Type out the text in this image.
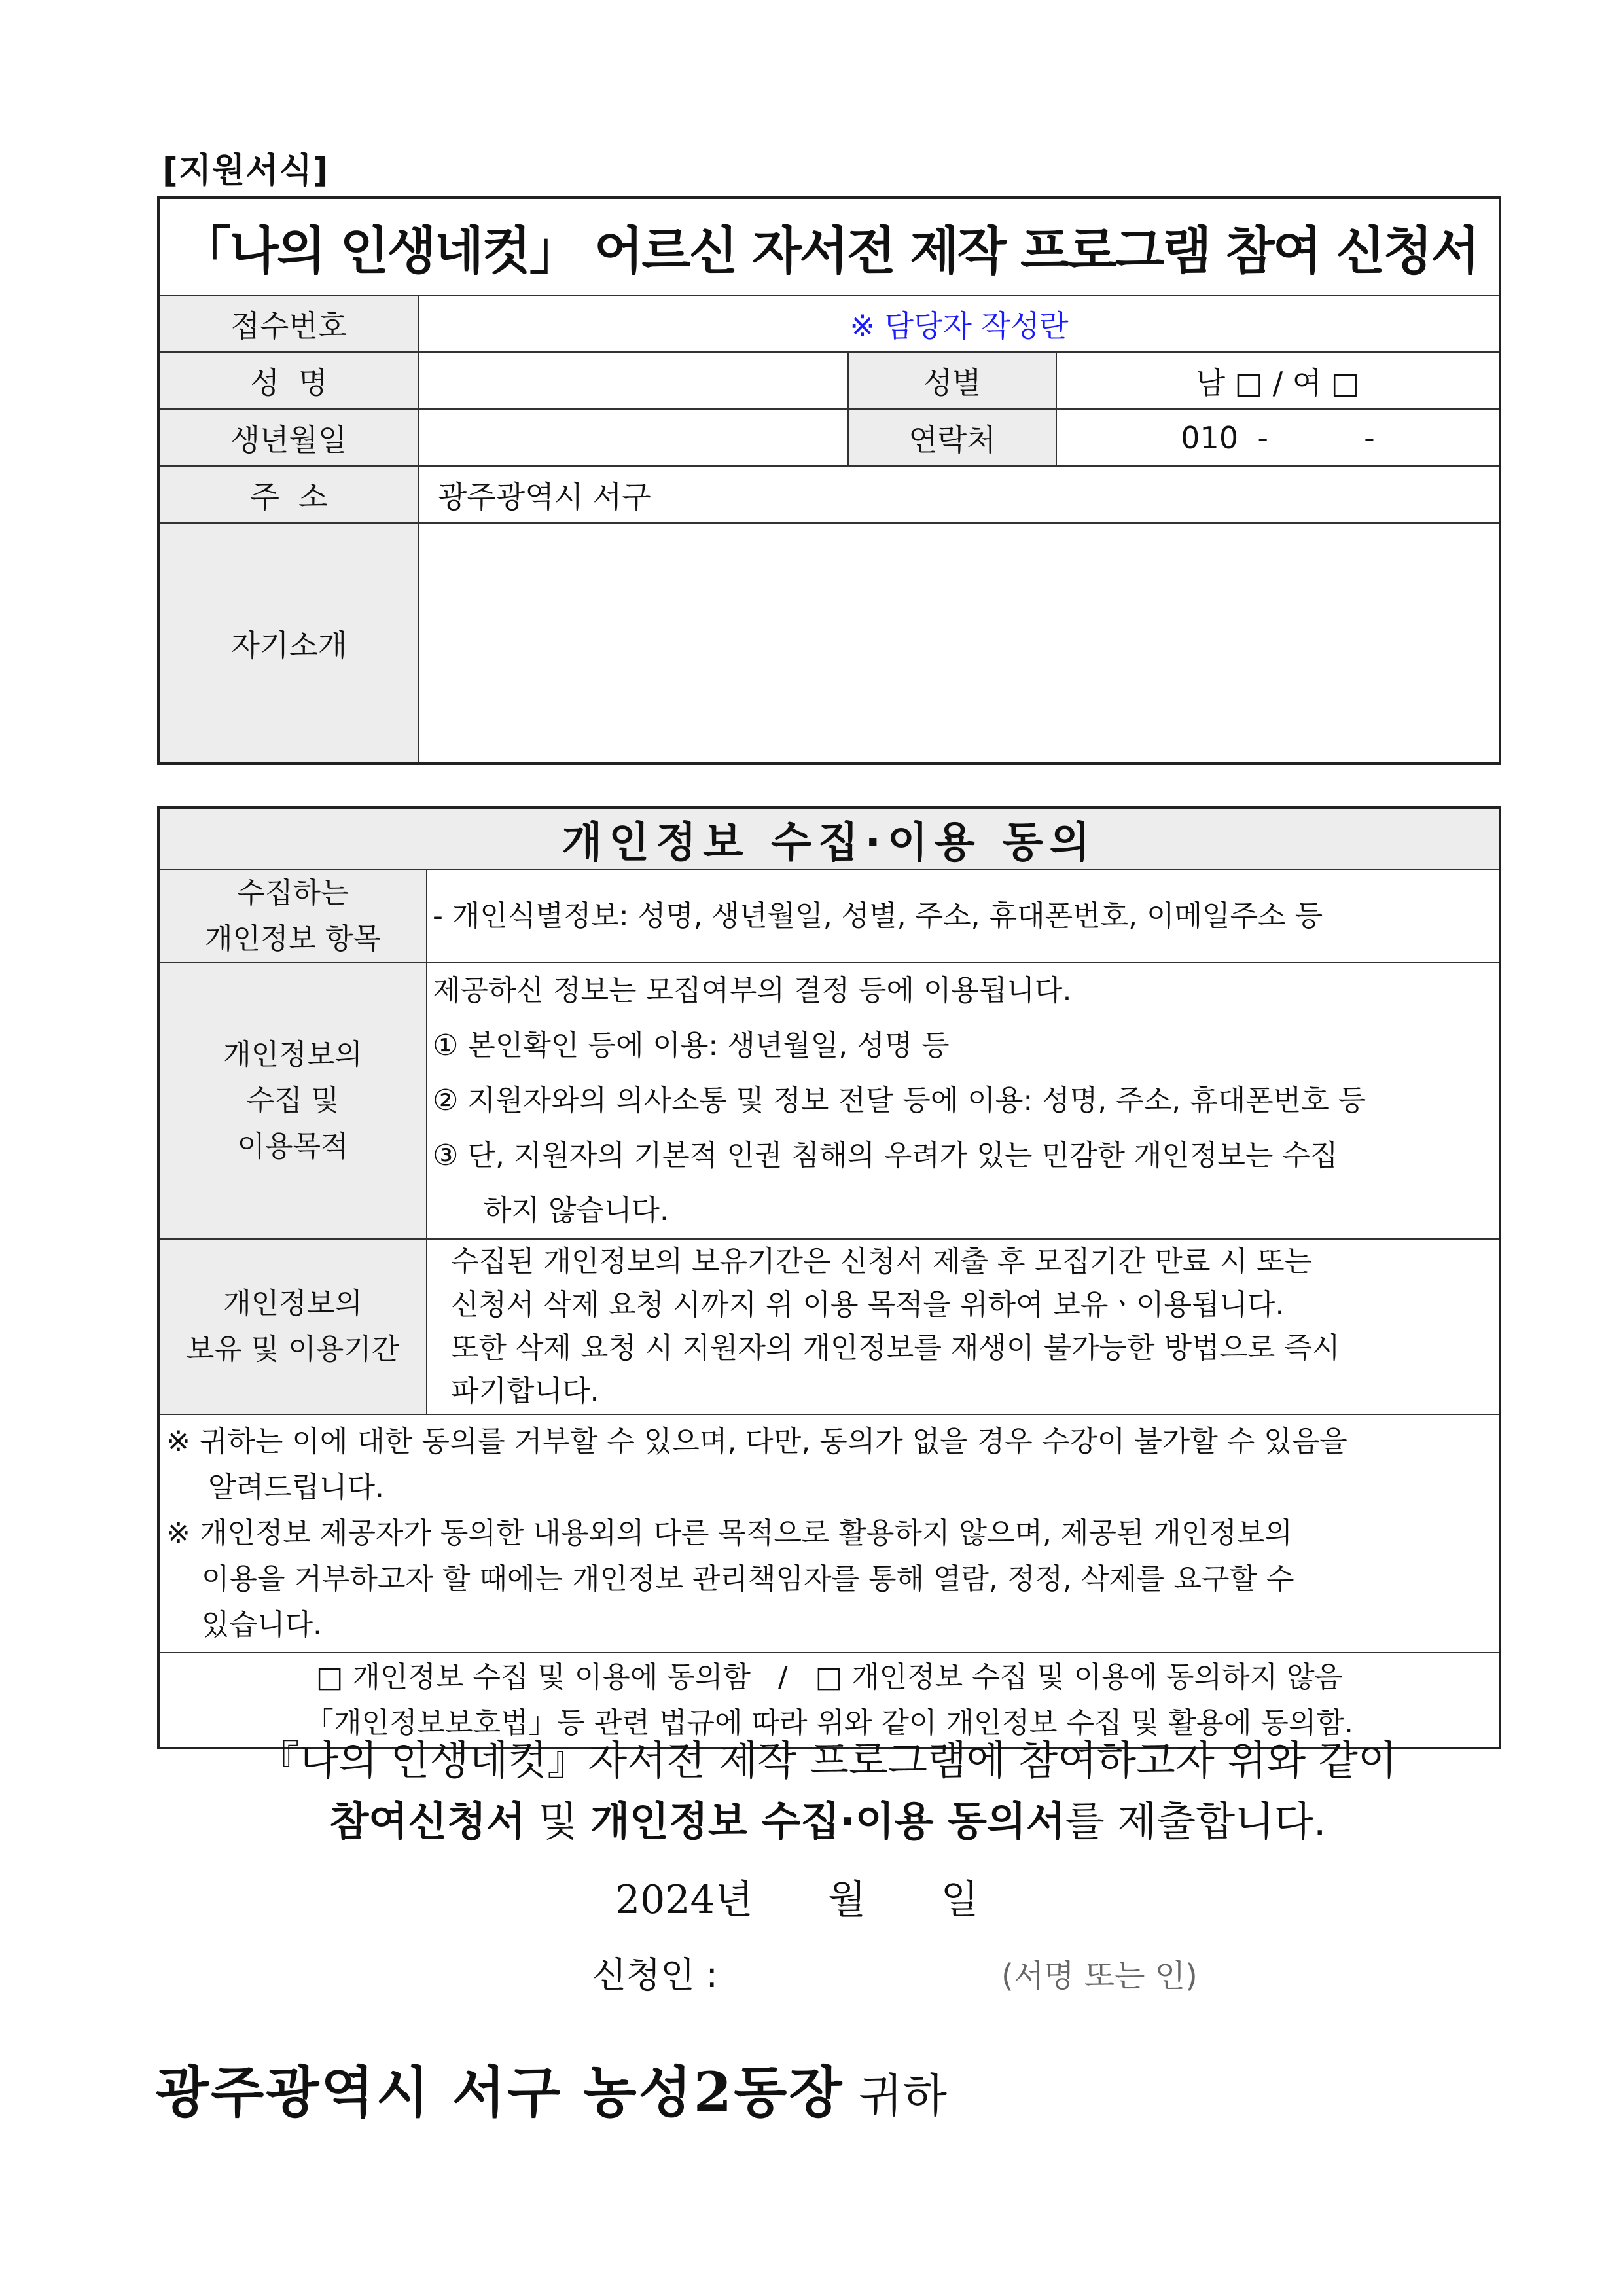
[지원서식]
「나의 인생네컷」 어르신 자서전 제작 프로그램 참여 신청서			
접수번호	※ 담당자 작성란		
성  명		성별	남 □ / 여 □
생년월일		연락처	010  -          -
주  소	광주광역시 서구		
자기소개			
개인정보 수집·이용 동의	

수집하는
개인정보 항목	- 개인식별정보: 성명, 생년월일, 성별, 주소, 휴대폰번호, 이메일주소 등

개인정보의
수집 및
이용목적	제공하신 정보는 모집여부의 결정 등에 이용됩니다.
① 본인확인 등에 이용: 생년월일, 성명 등
② 지원자와의 의사소통 및 정보 전달 등에 이용: 성명, 주소, 휴대폰번호 등
③ 단, 지원자의 기본적 인권 침해의 우려가 있는 민감한 개인정보는 수집
하지 않습니다.

개인정보의
보유 및 이용기간	수집된 개인정보의 보유기간은 신청서 제출 후 모집기간 만료 시 또는
신청서 삭제 요청 시까지 위 이용 목적을 위하여 보유ㆍ이용됩니다.
또한 삭제 요청 시 지원자의 개인정보를 재생이 불가능한 방법으로 즉시
파기합니다.

※ 귀하는 이에 대한 동의를 거부할 수 있으며, 다만, 동의가 없을 경우 수강이 불가할 수 있음을
알려드립니다.
※ 개인정보 제공자가 동의한 내용외의 다른 목적으로 활용하지 않으며, 제공된 개인정보의
이용을 거부하고자 할 때에는 개인정보 관리책임자를 통해 열람, 정정, 삭제를 요구할 수
있습니다.	

□ 개인정보 수집 및 이용에 동의함   /   □ 개인정보 수집 및 이용에 동의하지 않음
「개인정보보호법」등 관련 법규에 따라 위와 같이 개인정보 수집 및 활용에 동의함.	
『나의 인생네컷』자서전 제작 프로그램에 참여하고자 위와 같이
참여신청서 및 개인정보 수집·이용 동의서를 제출합니다.
2024년      월      일
신청인 :	(서명 또는 인)
광주광역시 서구 농성2동장 귀하
